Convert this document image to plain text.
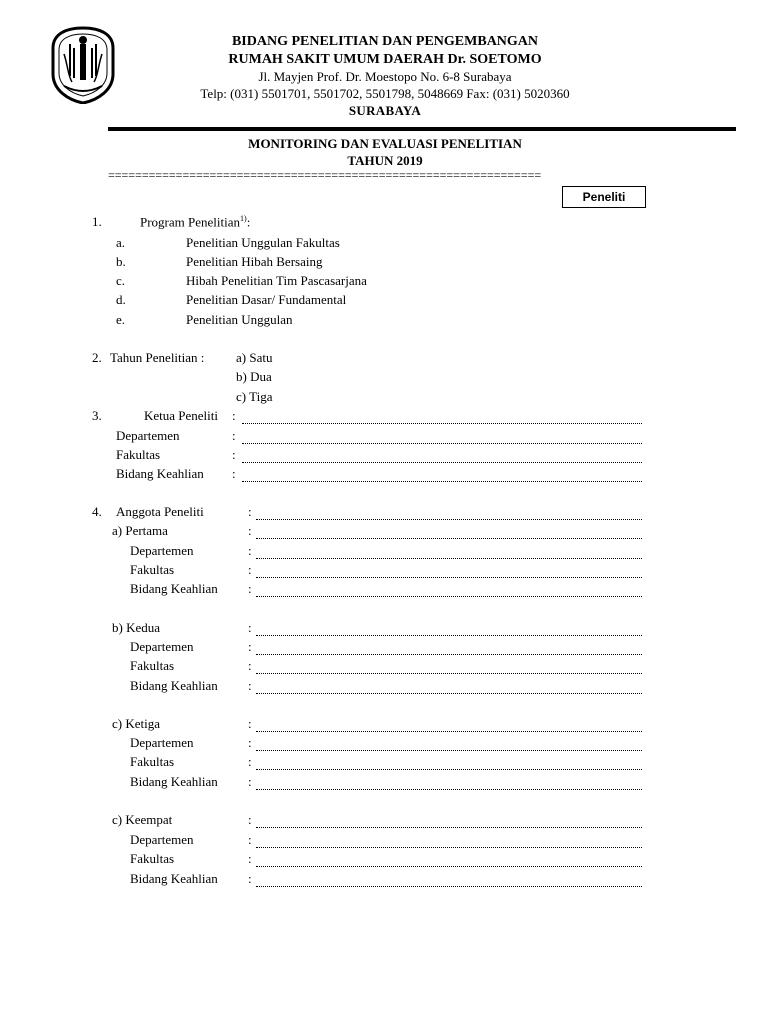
BIDANG PENELITIAN DAN PENGEMBANGAN
RUMAH SAKIT UMUM DAERAH Dr. SOETOMO
Jl. Mayjen Prof. Dr. Moestopo No. 6-8 Surabaya
Telp: (031) 5501701, 5501702, 5501798, 5048669 Fax: (031) 5020360
SURABAYA
MONITORING DAN EVALUASI PENELITIAN
TAHUN 2019
================================================================
Peneliti
1.	Program Penelitian$^{1)}$:
a.	Penelitian Unggulan Fakultas
b.	Penelitian Hibah Bersaing
c.	Hibah Penelitian Tim Pascasarjana
d.	Penelitian Dasar/ Fundamental
e.	Penelitian Unggulan
2. Tahun Penelitian : a) Satu
b) Dua
c) Tiga
3.	Ketua Peneliti :
Departemen	:
Fakultas	:
Bidang Keahlian :
4. Anggota Peneliti	:
a) Pertama	:
Departemen	:
Fakultas	:
Bidang Keahlian :
b) Kedua	:
Departemen	:
Fakultas	:
Bidang Keahlian :
c) Ketiga	:
Departemen	:
Fakultas	:
Bidang Keahlian :
c) Keempat	:
Departemen	:
Fakultas	:
Bidang Keahlian :
